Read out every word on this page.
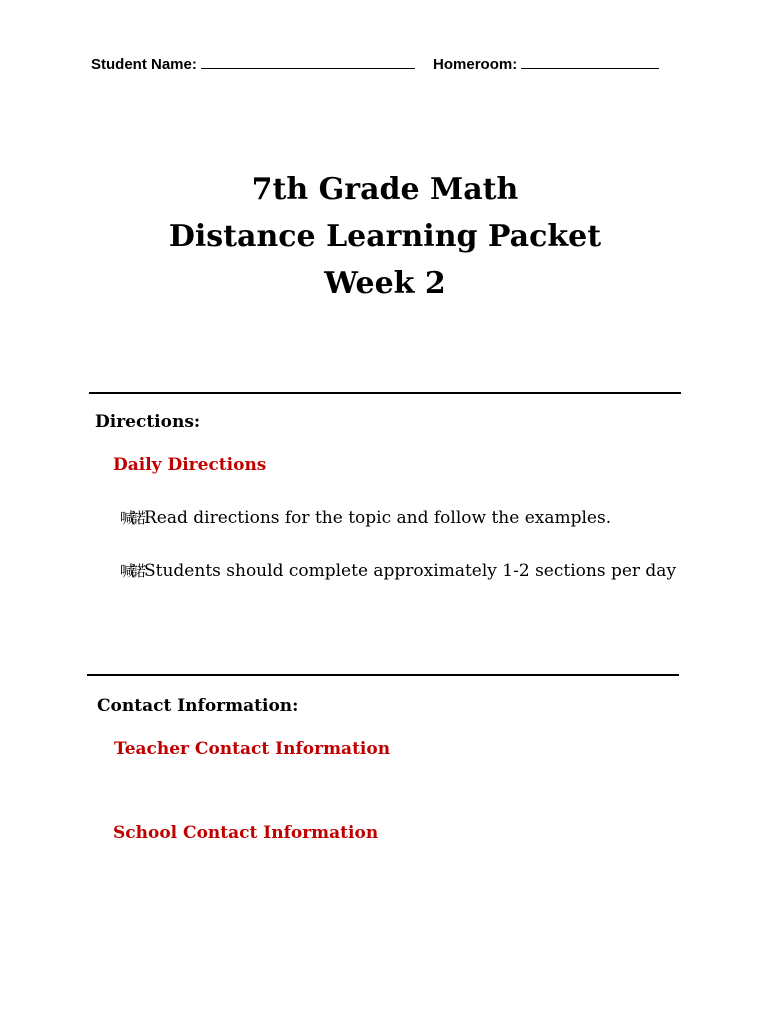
Student Name:	Homeroom:
7th Grade Math
Distance Learning Packet
Week 2
Directions:
Daily Directions
喊諾 Read directions for the topic and follow the examples.
喊諾 Students should complete approximately 1-2 sections per day
Contact Information:
Teacher Contact Information
School Contact Information
